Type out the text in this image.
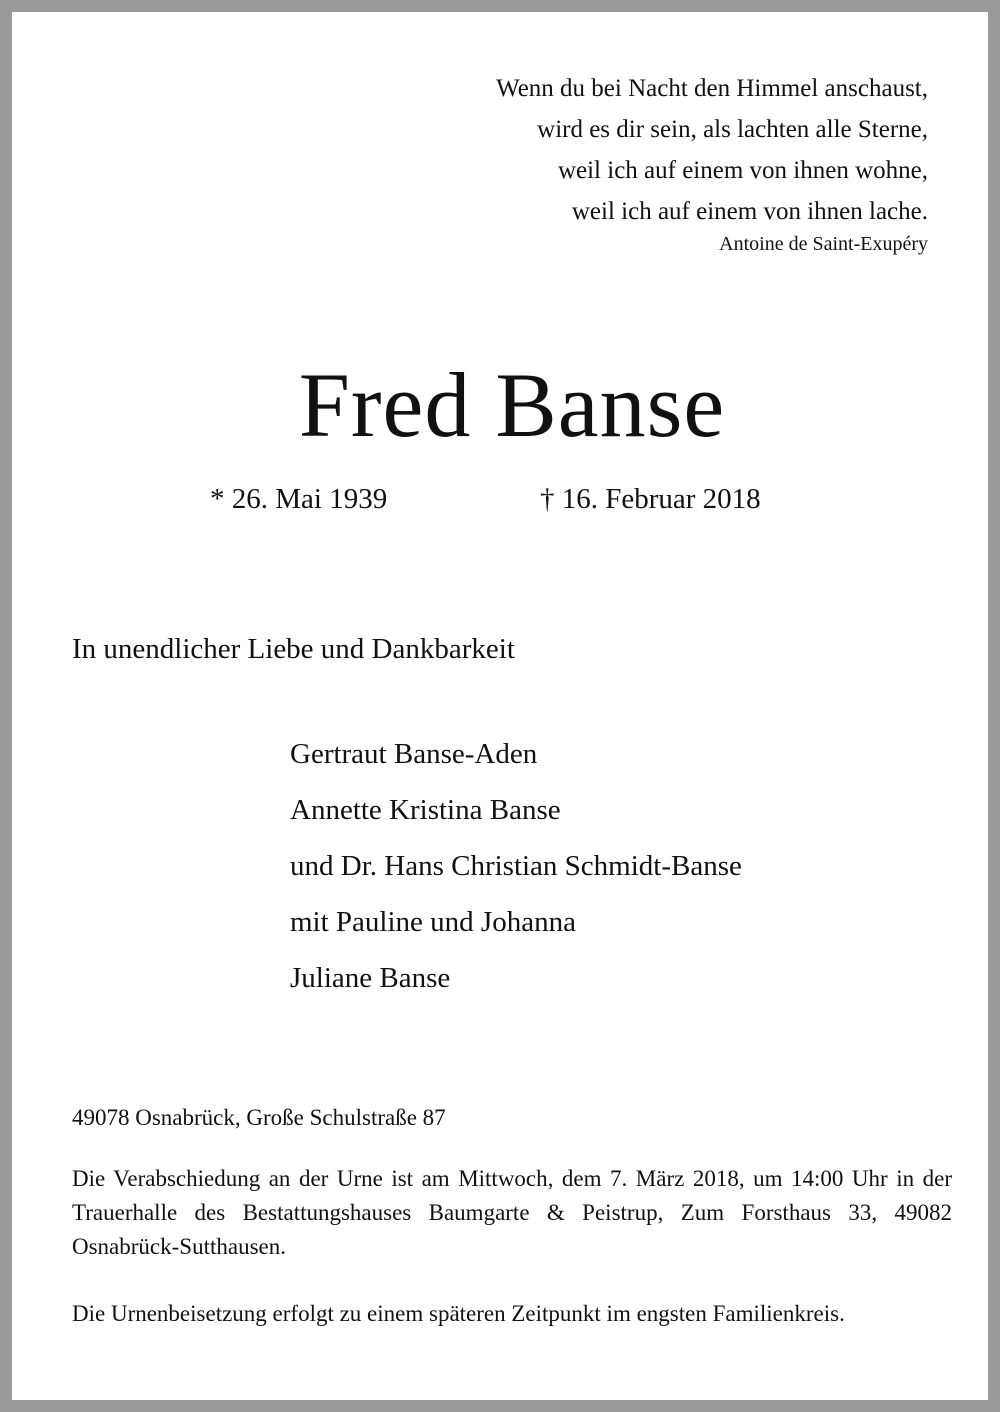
Wenn du bei Nacht den Himmel anschaust,
wird es dir sein, als lachten alle Sterne,
weil ich auf einem von ihnen wohne,
weil ich auf einem von ihnen lache.
Antoine de Saint-Exupéry
Fred Banse
* 26. Mai 1939	† 16. Februar 2018
In unendlicher Liebe und Dankbarkeit
Gertraut Banse-Aden
Annette Kristina Banse
und Dr. Hans Christian Schmidt-Banse
mit Pauline und Johanna
Juliane Banse
49078 Osnabrück, Große Schulstraße 87
Die Verabschiedung an der Urne ist am Mittwoch, dem 7. März 2018, um 14:00 Uhr in der Trauerhalle des Bestattungshauses Baumgarte & Peistrup, Zum Forsthaus 33, 49082 Osnabrück-Sutthausen.
Die Urnenbeisetzung erfolgt zu einem späteren Zeitpunkt im engsten Familienkreis.
